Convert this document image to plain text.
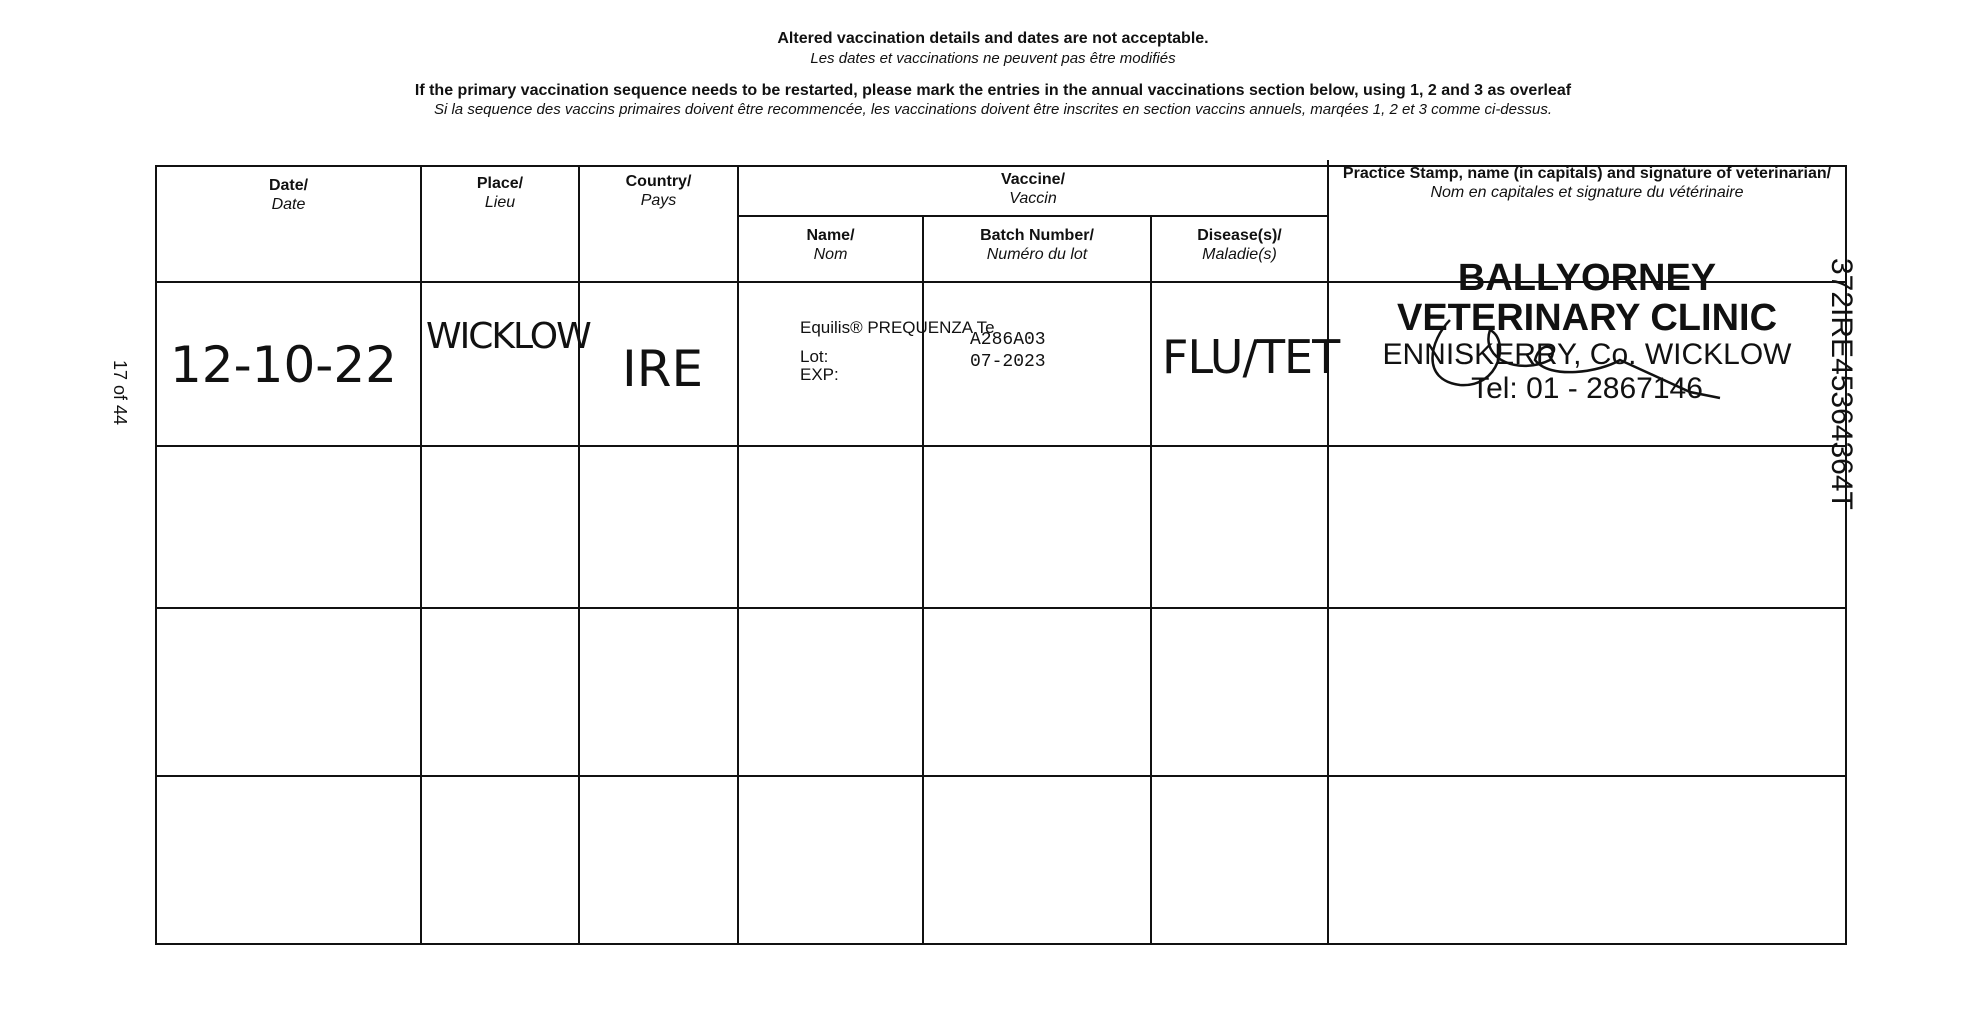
Altered vaccination details and dates are not acceptable.
Les dates et vaccinations ne peuvent pas être modifiés
If the primary vaccination sequence needs to be restarted, please mark the entries in the annual vaccinations section below, using 1, 2 and 3 as overleaf
Si la sequence des vaccins primaires doivent être recommencée, les vaccinations doivent être inscrites en section vaccins annuels, marqées 1, 2 et 3 comme ci-dessus.
Date/
Date
Place/
Lieu
Country/
Pays
Vaccine/
Vaccin
Name/
Nom
Batch Number/
Numéro du lot
Disease(s)/
Maladie(s)
Practice Stamp, name (in capitals) and signature of veterinarian/
Nom en capitales et signature du vétérinaire
12-10-22 WICKLOW
IRE
Equilis® PREQUENZA Te
Lot:
EXP:
A286A03
07-2023	FLU/TET
BALLYORNEY
VETERINARY CLINIC
ENNISKERRY, Co. WICKLOW
Tel: 01 - 2867146	372IRE45364364T
17 of 44
